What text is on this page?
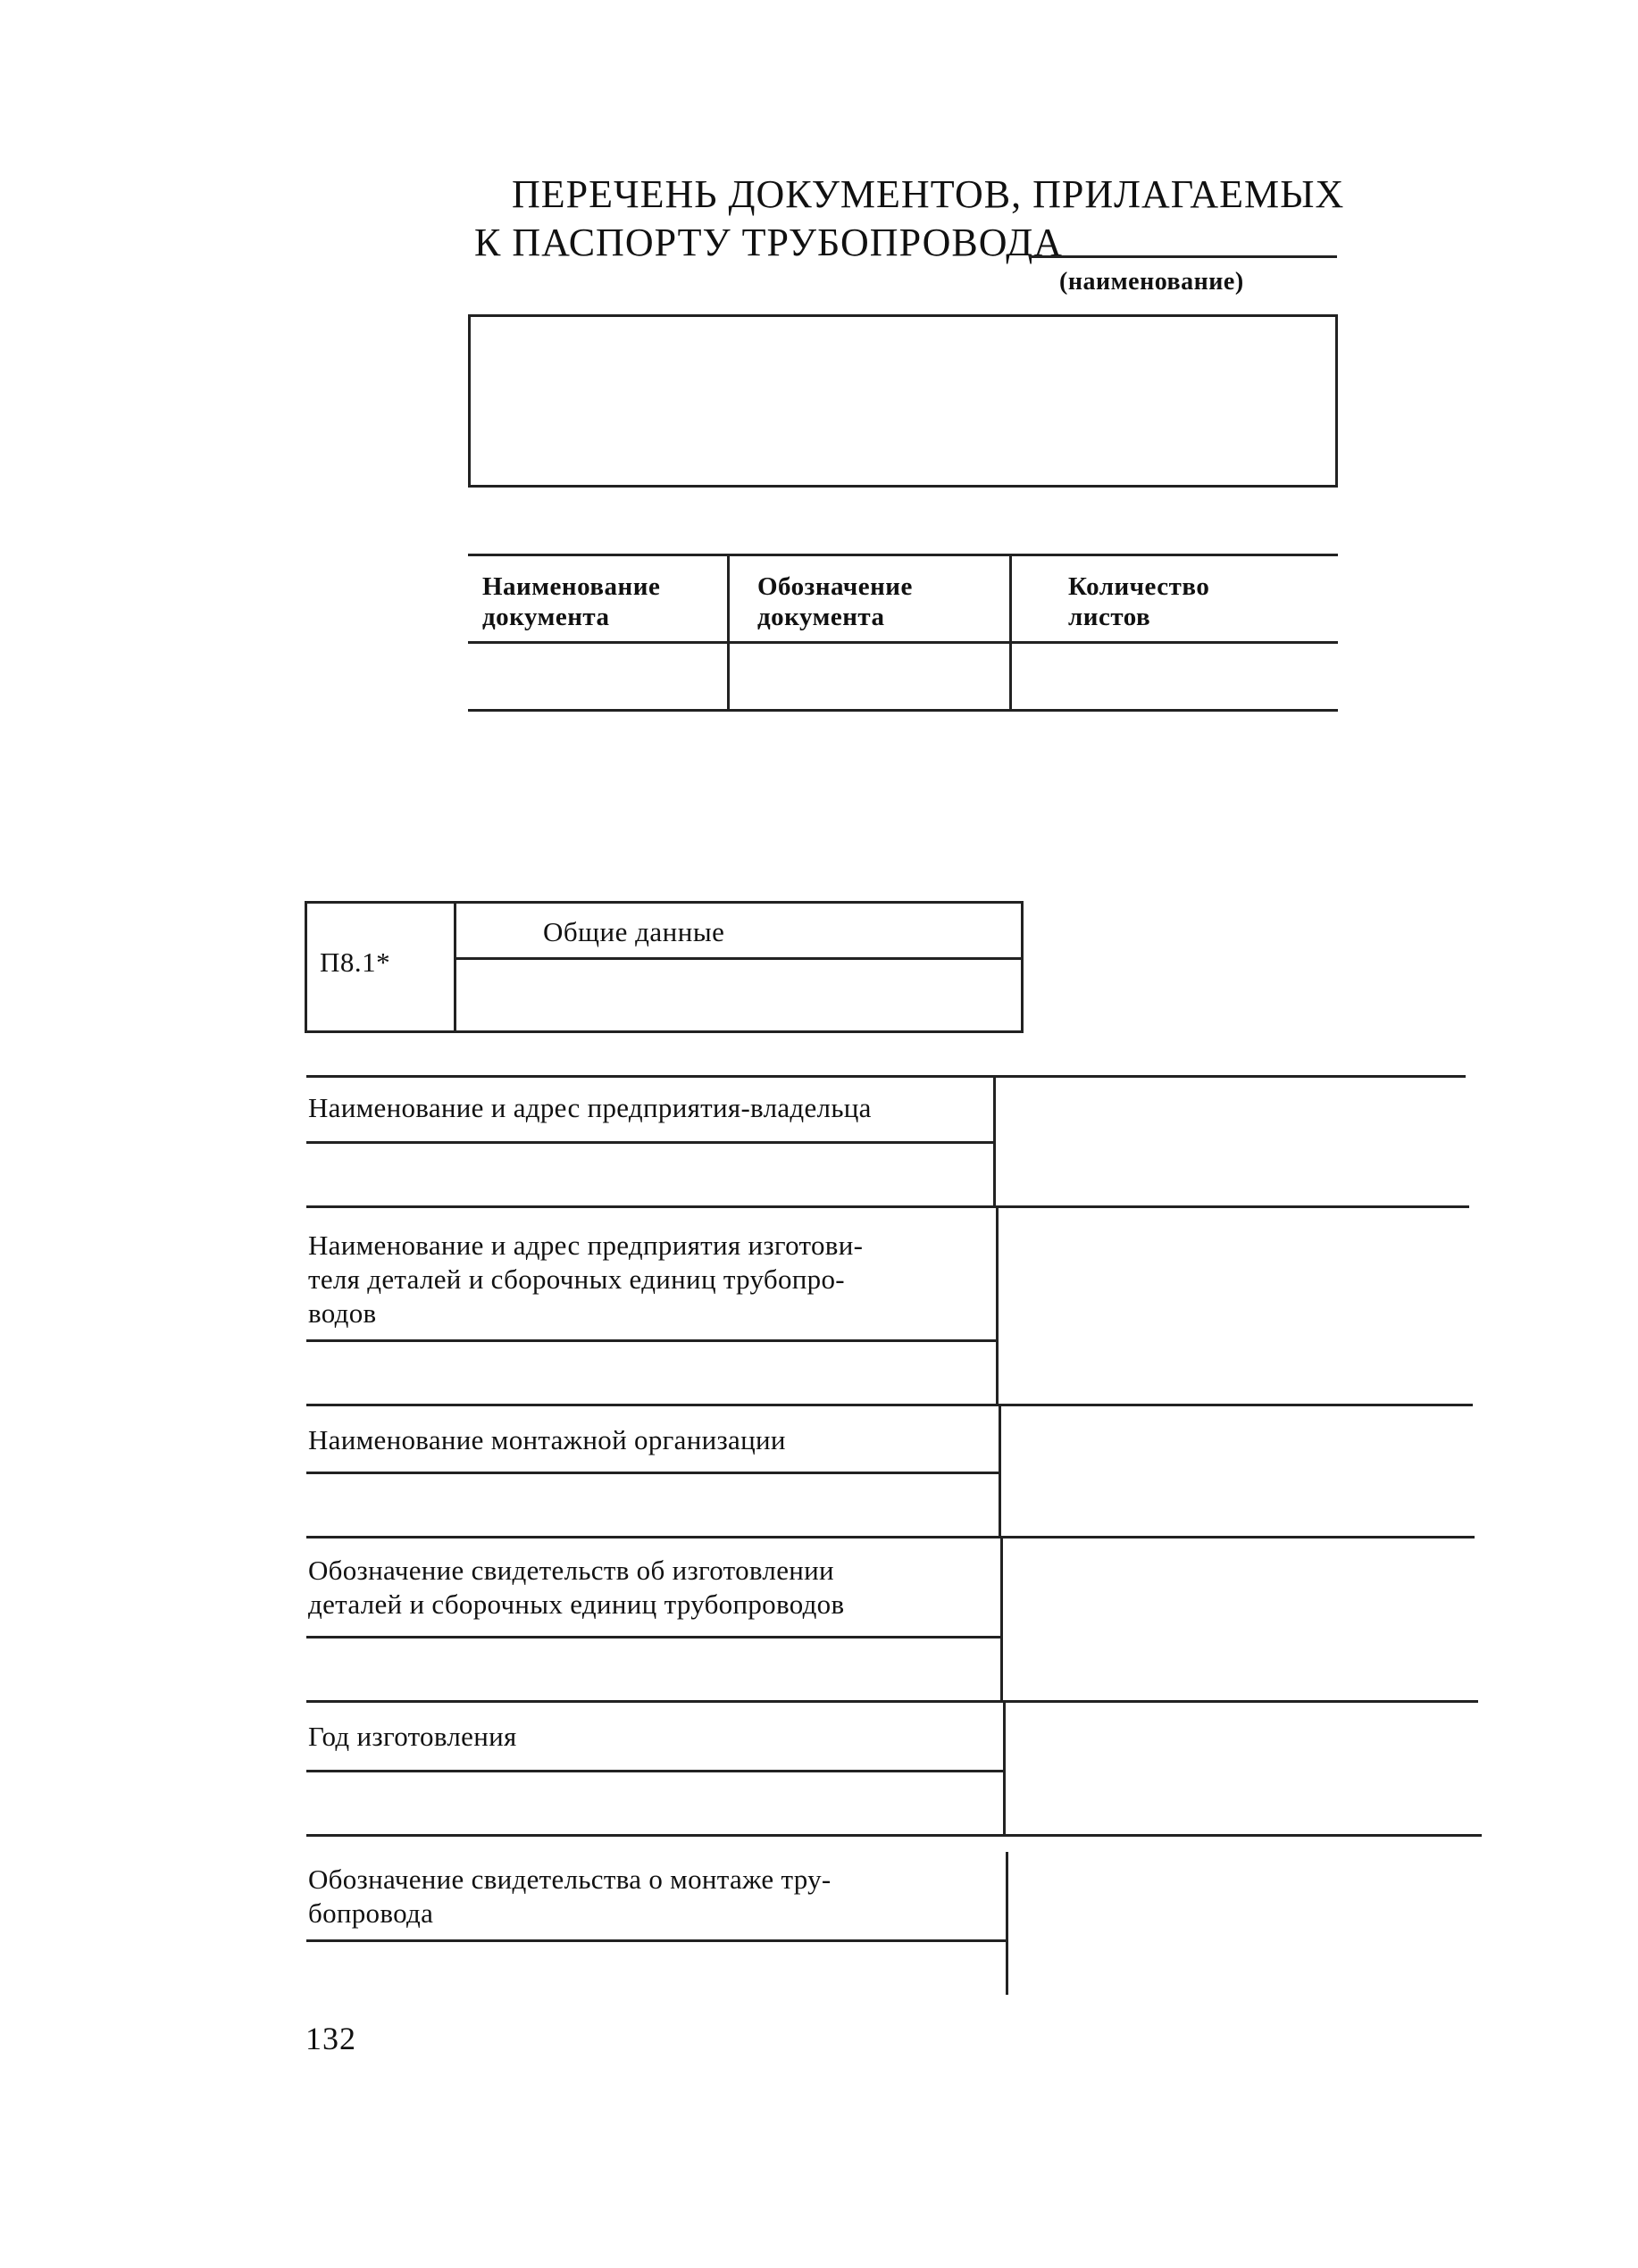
ПЕРЕЧЕНЬ ДОКУМЕНТОВ, ПРИЛАГАЕМЫХ
К ПАСПОРТУ ТРУБОПРОВОДА
(наименование)
Наименование
документа
Обозначение
документа
Количество
листов
П8.1*
Общие данные
Наименование и адрес предприятия-владельца
Наименование и адрес предприятия изготови-
теля деталей и сборочных единиц трубопро-
водов
Наименование монтажной организации
Обозначение свидетельств об изготовлении
деталей и сборочных единиц трубопроводов
Год изготовления
Обозначение свидетельства о монтаже тру-
бопровода
132
